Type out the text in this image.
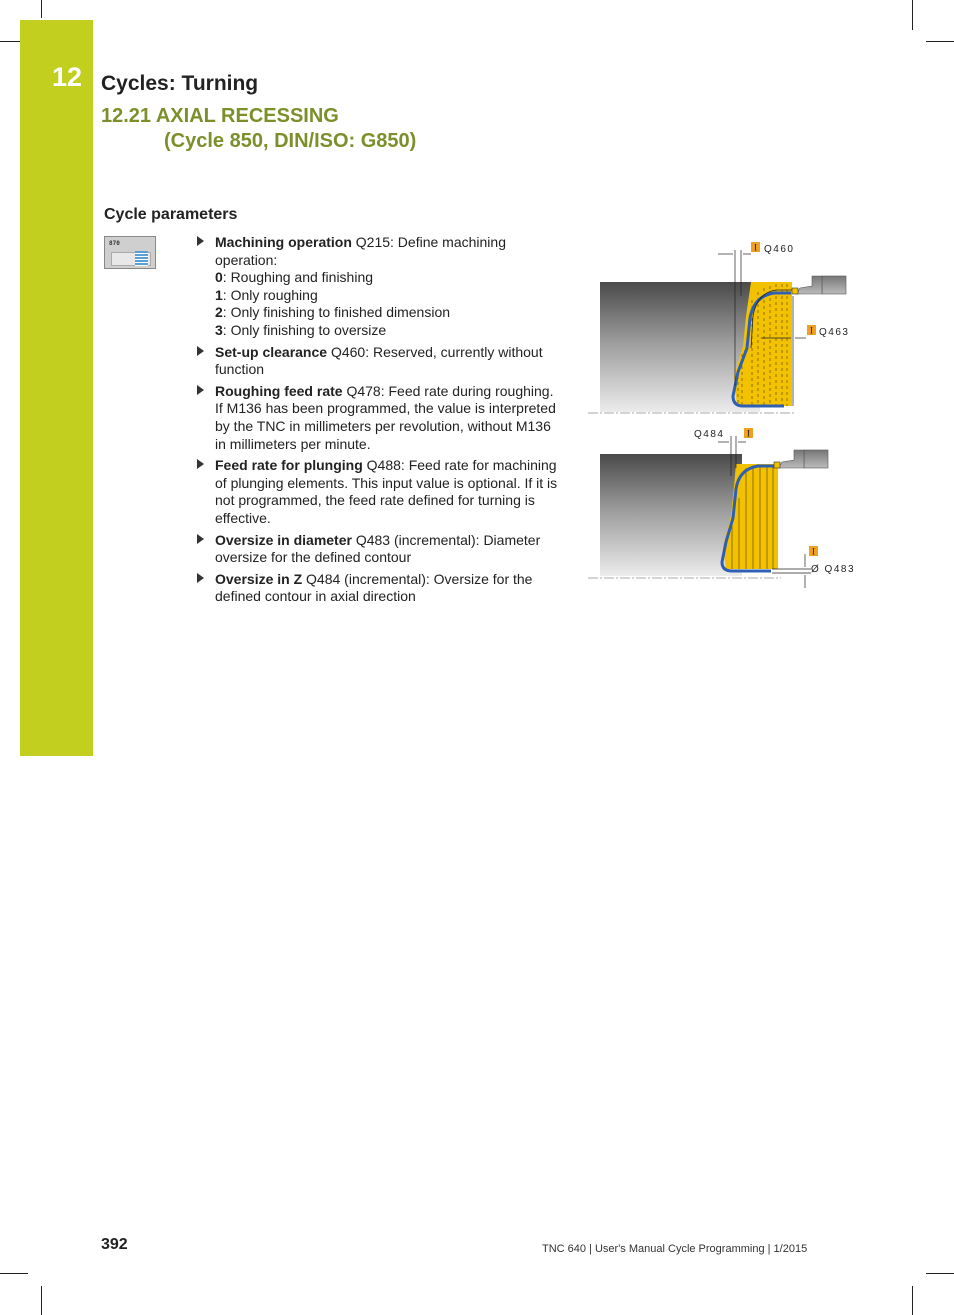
12 Cycles: Turning
12.21 AXIAL RECESSING
(Cycle 850, DIN/ISO: G850)
Cycle parameters
870	Machining operation Q215: Define machining operation:
0: Roughing and finishing
1: Only roughing
2: Only finishing to finished dimension
3: Only finishing to oversize
Set-up clearance Q460: Reserved, currently without function
Roughing feed rate Q478: Feed rate during roughing. If M136 has been programmed, the value is interpreted by the TNC in millimeters per revolution, without M136 in millimeters per minute.
Feed rate for plunging Q488: Feed rate for machining of plunging elements. This input value is optional. If it is not programmed, the feed rate defined for turning is effective.
Oversize in diameter Q483 (incremental): Diameter oversize for the defined contour
Oversize in Z Q484 (incremental): Oversize for the defined contour in axial direction
I Q460
I Q463
Q484	I
I
Ø Q483
392	TNC 640 | User's Manual Cycle Programming | 1/2015
